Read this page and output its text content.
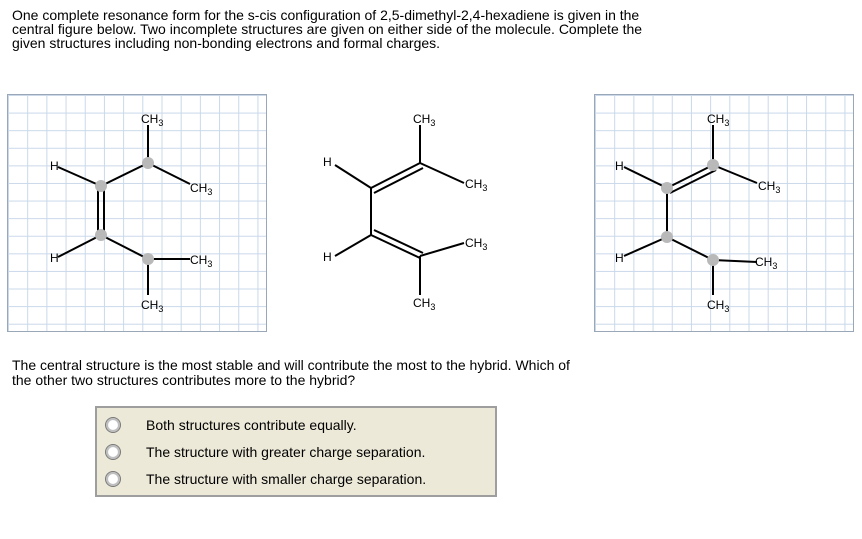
One complete resonance form for the s-cis configuration of 2,5-dimethyl-2,4-hexadiene is given in the
central figure below. Two incomplete structures are given on either side of the molecule. Complete the
given structures including non-bonding electrons and formal charges.
$CH_3$
$CH_3$
$CH_3$
$CH_3$
H
H
$CH_3$
$CH_3$
$CH_3$
$CH_3$
H
H
$CH_3$
$CH_3$
$CH_3$
$CH_3$
H
H
The central structure is the most stable and will contribute the most to the hybrid. Which of
the other two structures contributes more to the hybrid?
Both structures contribute equally.
The structure with greater charge separation.
The structure with smaller charge separation.
